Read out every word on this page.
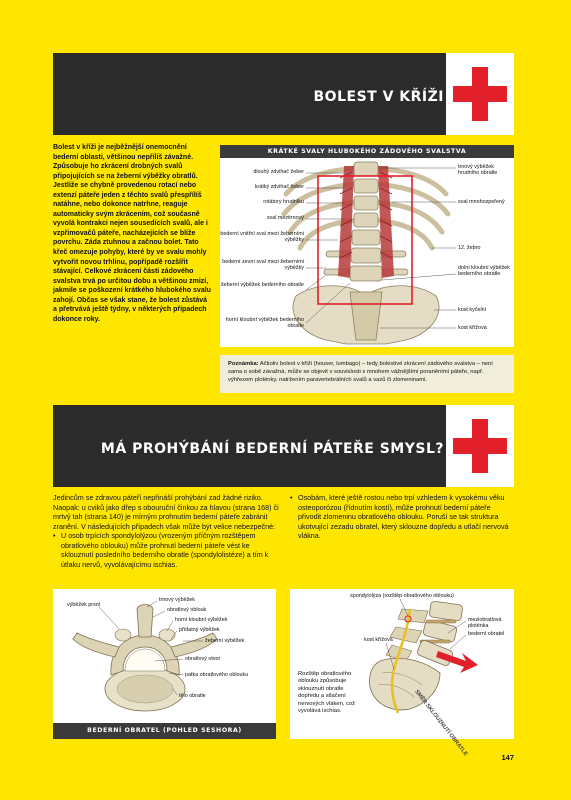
BOLEST V KŘÍŽI

Bolest v kříži je nejběžnější onemocnění bederní oblasti, většinou nepříliš závažné. Způsobuje ho zkrácení drobných svalů připojujících se na žeberní výběžky obratlů. Jestliže se chybně provedenou rotací nebo extenzí páteře jeden z těchto svalů přespřílíš natáhne, nebo dokonce natrhne, reaguje automaticky svým zkrácením, což současně vyvolá kontrakci nejen sousedících svalů, ale i vzpřimovačů páteře, nacházejících se blíže povrchu. Záda ztuhnou a začnou bolet. Tato křeč omezuje pohyby, které by ve svalu mohly vytvořit novou trhlinu, popřípadě rozšířit stávající. Celkové zkrácení části zádového svalstva trvá po určitou dobu a většinou zmizí, jakmile se poškození krátkého hlubokého svalu zahojí. Občas se však stane, že bolest zůstává a přetrvává ještě týdny, v některých případech dokonce roky.

KRÁTKÉ SVALY HLUBOKÉHO ZÁDOVÉHO SVALSTVA
dlouhý zdvihač žeber
krátký zdvihač žeber
rotátory hrudníku
sval mezitrnový
bederní vnitřní sval mezi žeberními výběžky
bederní zevní sval mezi žeberními výběžky
žeberní výběžek bederního obratle
horní kloubní výběžek bederního obratle
trnový výběžek hrudního obratle
sval mnohozpeřený
12. žebro
dolní kloubní výběžek bederního obratle
kost kyčelní
kost křížová
Poznámka: Ačkoliv bolest v kříži (houser, lumbago) – tedy bolestivé zkrácení zádového svalstva – není sama o sobě závažná, může se objevit v souvislosti s mnohem vážnějšími poraněními páteře, např. výhřezem ploténky, natržením paravertebrálních svalů a vazů či zlomeninami.
MÁ PROHÝBÁNÍ BEDERNÍ PÁTEŘE SMYSL?

Jedincům se zdravou páteří nepřináší prohýbání zad žádné riziko. Naopak: u cviků jako dřep s obouruční činkou za hlavou (strana 168) či mrtvý tah (strana 140) je mírným prohnutím bederní páteře zabránit zranění. V následujících případech však může být velice nebezpečné:

• U osob trpících spondylolýzou (vrozeným příčným rozštěpem obratlového oblouku) může prohnutí bederní páteře vést ke sklouznutí posledního bederního obratle (spondylolistéze) a tím k útlaku nervů, vyvolávajícímu ischias.
• Osobám, které ještě rostou nebo trpí vzhledem k vysokému věku osteoporózou (řídnutím kostí), může prohnutí bederní páteře přivodit zlomeninu obratlového oblouku. Poruší se tak struktura ukotvující zezadu obratel, který sklouzne dopředu a utlačí nervová vlákna.
výběžek prsní
trnový výběžek
obratlový oblouk
horní kloubní výběžek
přídatný výběžek
žeberní výběžek
obratlový otvor
patka obratlového oblouku
tělo obratle
BEDERNÍ OBRATEL (POHLED SESHORA)
spondylolýza (rozštěp obratlového oblouku)
meziobratlová ploténka
bederní obratel
kost křížová
SMĚR SKLOUZNUTÍ OBRATLE
Rozštěp obratlového oblouku způsobuje sklouznutí obratle dopředu a stlačení nervových vláken, což vyvolává ischias.
147
